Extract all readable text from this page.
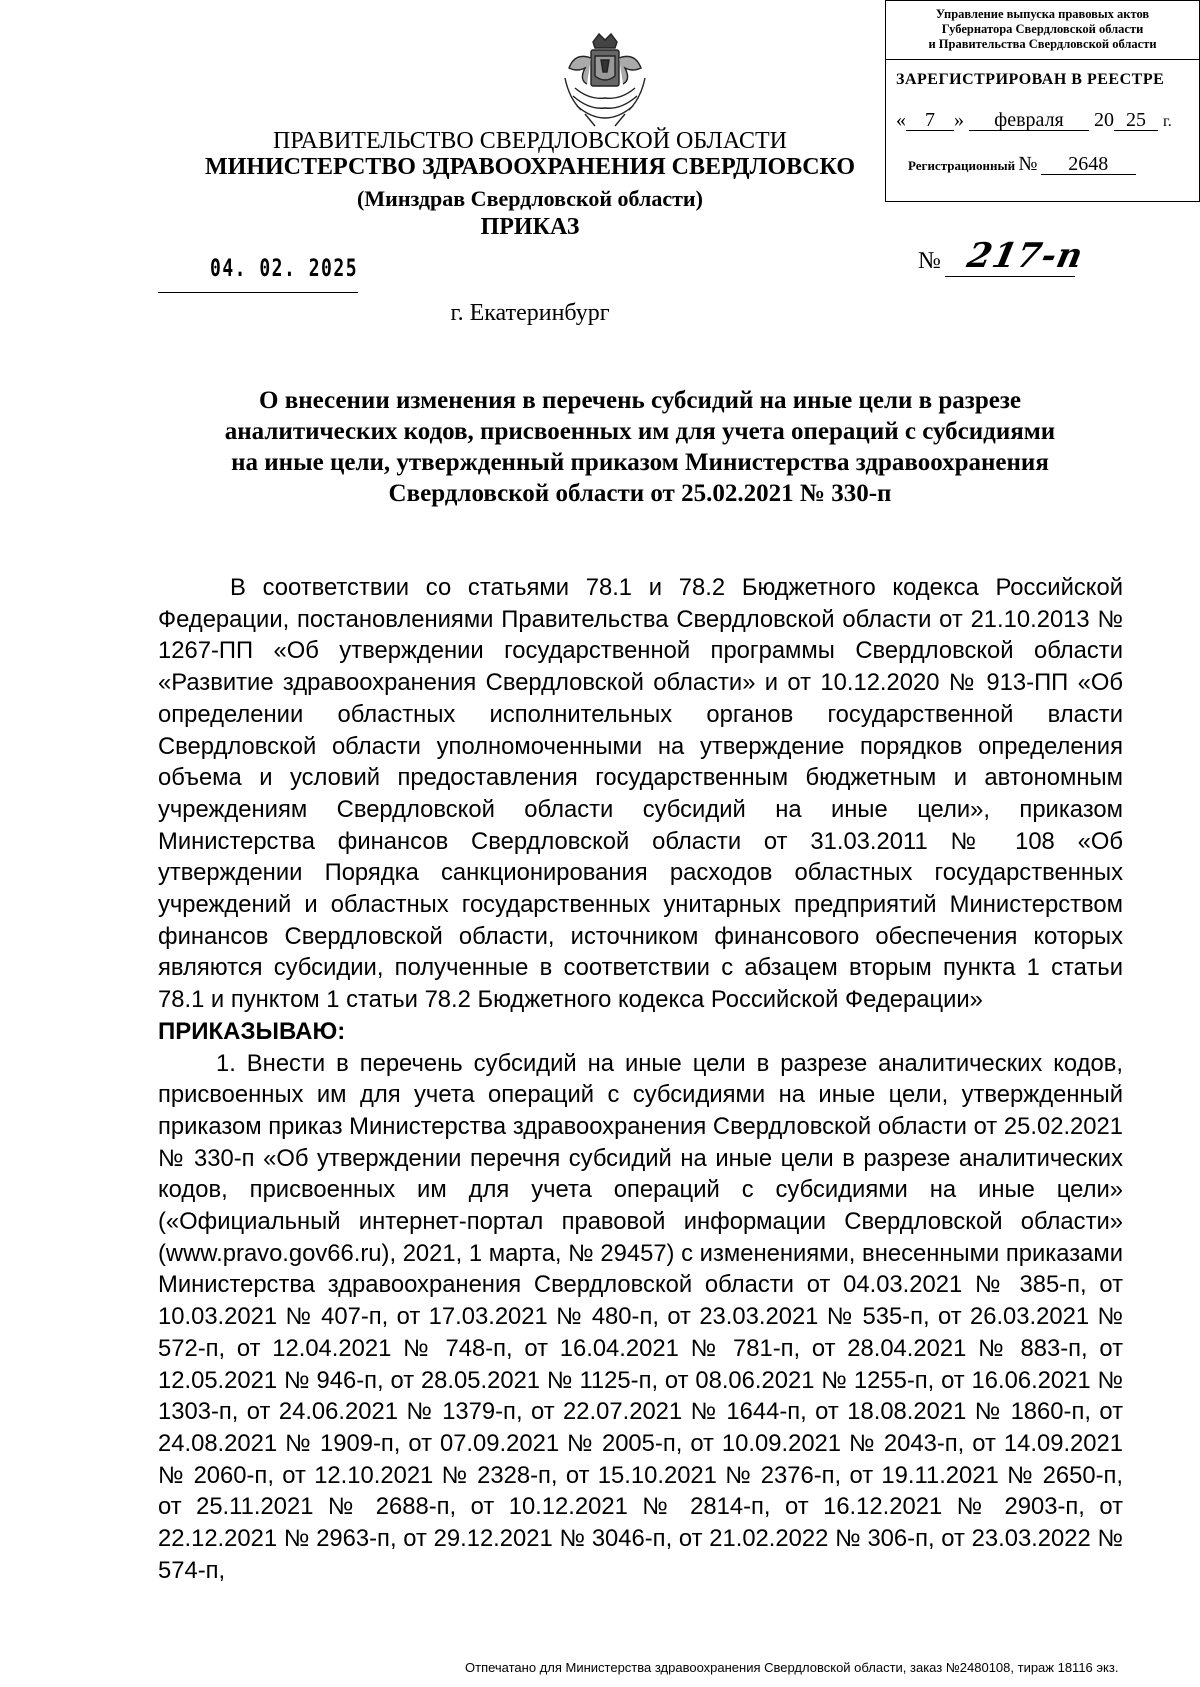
ПРАВИТЕЛЬСТВО СВЕРДЛОВСКОЙ ОБЛАСТИ
МИНИСТЕРСТВО ЗДРАВООХРАНЕНИЯ СВЕРДЛОВСКО
(Минздрав Свердловской области)
ПРИКАЗ
Управление выпуска правовых актов
Губернатора Свердловской области
и Правительства Свердловской области
ЗАРЕГИСТРИРОВАН В РЕЕСТРЕ
« 7 » февраля 20 25 г.
Регистрационный № 2648
04. 02. 2025	№ 217-п
г. Екатеринбург
О внесении изменения в перечень субсидий на иные цели в разрезе
аналитических кодов, присвоенных им для учета операций с субсидиями
на иные цели, утвержденный приказом Министерства здравоохранения
Свердловской области от 25.02.2021 № 330-п

В соответствии со статьями 78.1 и 78.2 Бюджетного кодекса Российской Федерации, постановлениями Правительства Свердловской области от 21.10.2013 № 1267-ПП «Об утверждении государственной программы Свердловской области «Развитие здравоохранения Свердловской области» и от 10.12.2020 № 913-ПП «Об определении областных исполнительных органов государственной власти Свердловской области уполномоченными на утверждение порядков определения объема и условий предоставления государственным бюджетным и автономным учреждениям Свердловской области субсидий на иные цели», приказом Министерства финансов Свердловской области от 31.03.2011 № 108 «Об утверждении Порядка санкционирования расходов областных государственных учреждений и областных государственных унитарных предприятий Министерством финансов Свердловской области, источником финансового обеспечения которых являются субсидии, полученные в соответствии с абзацем вторым пункта 1 статьи 78.1 и пунктом 1 статьи 78.2 Бюджетного кодекса Российской Федерации»

ПРИКАЗЫВАЮ:

1. Внести в перечень субсидий на иные цели в разрезе аналитических кодов, присвоенных им для учета операций с субсидиями на иные цели, утвержденный приказом приказ Министерства здравоохранения Свердловской области от 25.02.2021 № 330-п «Об утверждении перечня субсидий на иные цели в разрезе аналитических кодов, присвоенных им для учета операций с субсидиями на иные цели» («Официальный интернет-портал правовой информации Свердловской области» (www.pravo.gov66.ru), 2021, 1 марта, № 29457) с изменениями, внесенными приказами Министерства здравоохранения Свердловской области от 04.03.2021 № 385-п, от 10.03.2021 № 407-п, от 17.03.2021 № 480-п, от 23.03.2021 № 535-п, от 26.03.2021 № 572-п, от 12.04.2021 № 748-п, от 16.04.2021 № 781-п, от 28.04.2021 № 883-п, от 12.05.2021 № 946-п, от 28.05.2021 № 1125-п, от 08.06.2021 № 1255-п, от 16.06.2021 № 1303-п, от 24.06.2021 № 1379-п, от 22.07.2021 № 1644-п, от 18.08.2021 № 1860-п, от 24.08.2021 № 1909-п, от 07.09.2021 № 2005-п, от 10.09.2021 № 2043-п, от 14.09.2021 № 2060-п, от 12.10.2021 № 2328-п, от 15.10.2021 № 2376-п, от 19.11.2021 № 2650-п, от 25.11.2021 № 2688-п, от 10.12.2021 № 2814-п, от 16.12.2021 № 2903-п, от 22.12.2021 № 2963-п, от 29.12.2021 № 3046-п, от 21.02.2022 № 306-п, от 23.03.2022 № 574-п,

Отпечатано для Министерства здравоохранения Свердловской области, заказ №2480108, тираж 18116 экз.
